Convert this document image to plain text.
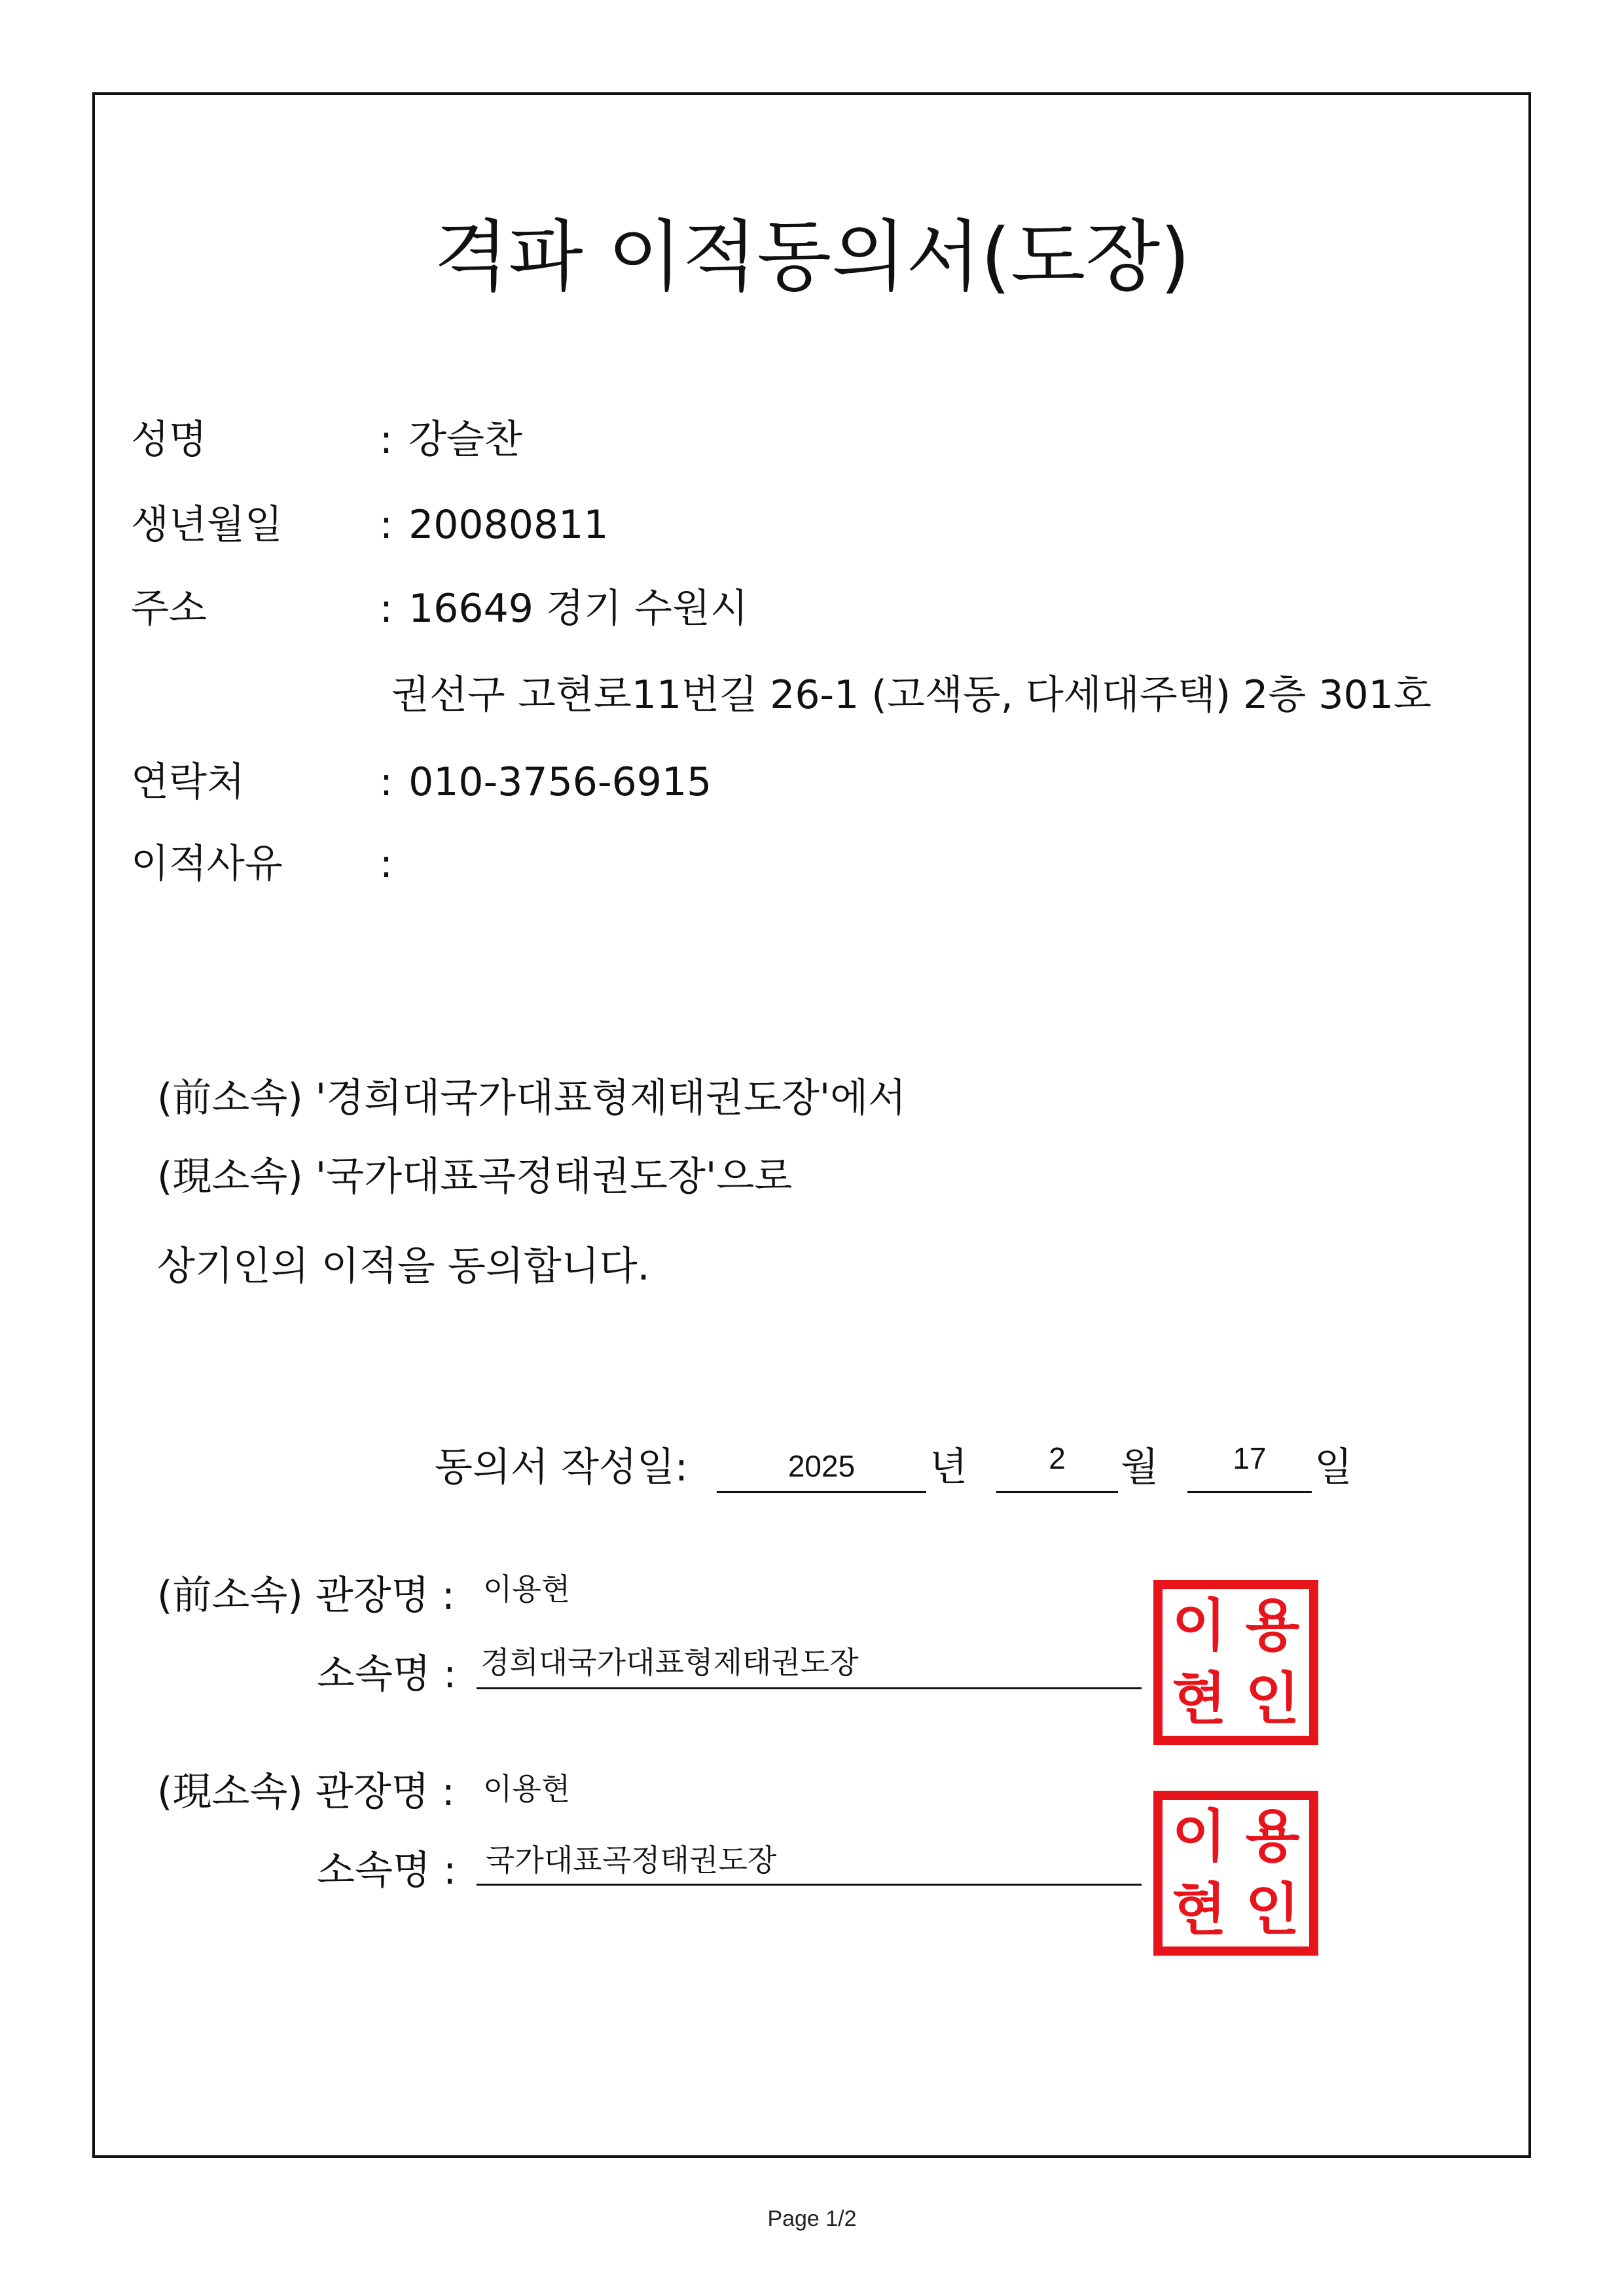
격파 이적동의서(도장)
성명	: 강슬찬
생년월일 : 20080811
주소	: 16649 경기 수원시
권선구 고현로11번길 26-1 (고색동, 다세대주택) 2층 301호
연락처	: 010-3756-6915
이적사유 :
(前소속) '경희대국가대표형제태권도장'에서
(現소속) '국가대표곡정태권도장'으로
상기인의 이적을 동의합니다.
동의서 작성일:	2025	년	2	월	17	일
(前소속) 관장명 : 이용현
소속명 : 경희대국가대표형제태권도장
이 용
현 인
(現소속) 관장명 : 이용현
소속명 : 국가대표곡정태권도장	이 용
현 인
Page 1/2
